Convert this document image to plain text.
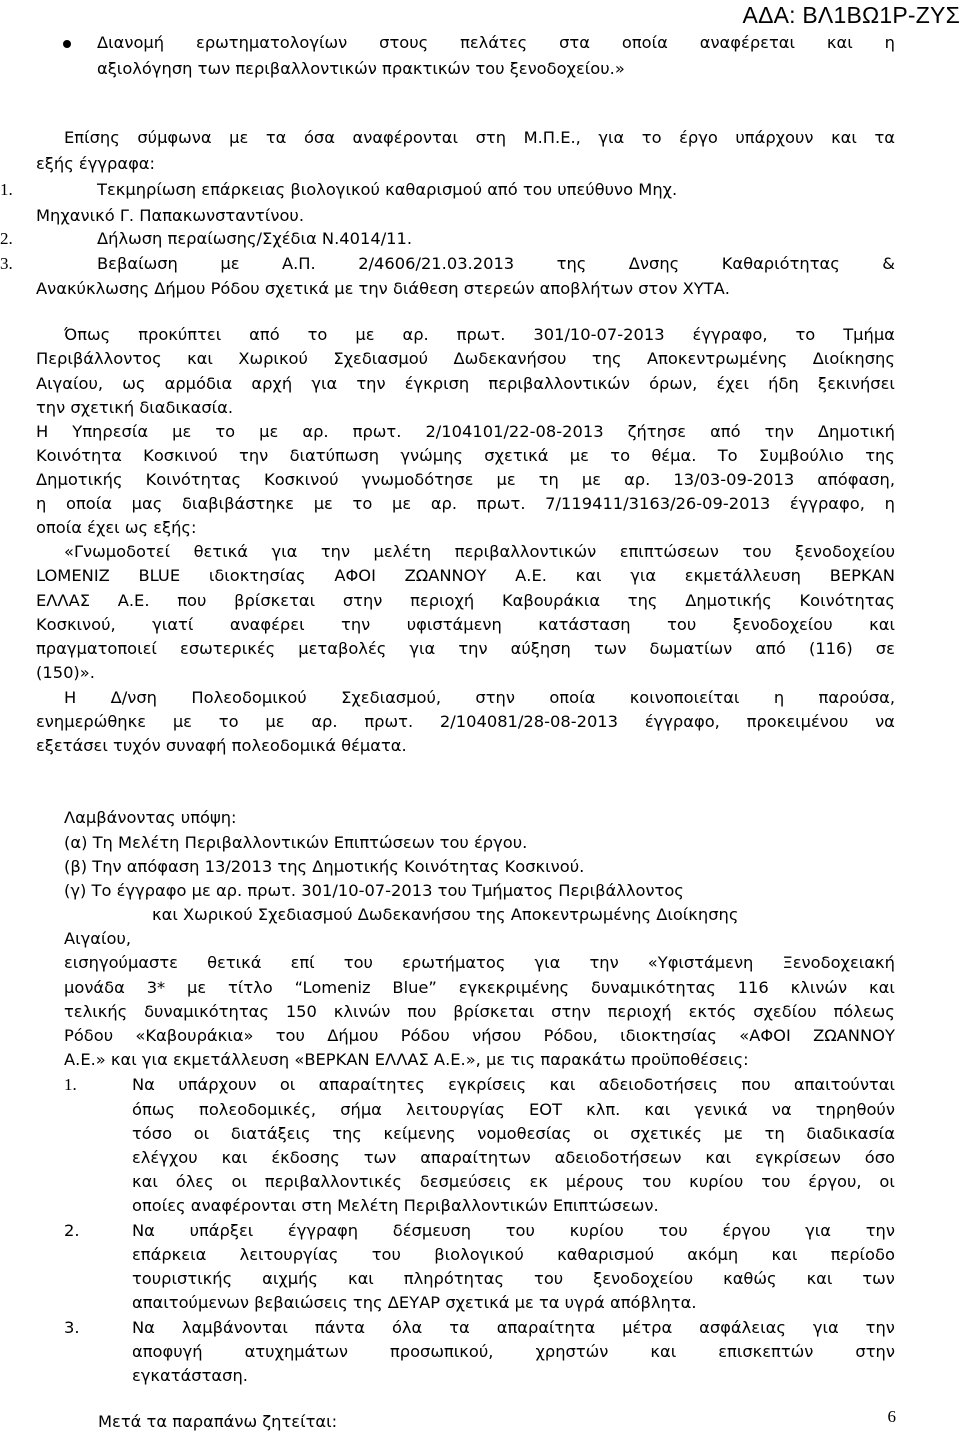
ΑΔΑ: ΒΛ1ΒΩ1Ρ-ΖΥΣ
Διανομή ερωτηματολογίων στους πελάτες στα οποία αναφέρεται και η
αξιολόγηση των περιβαλλοντικών πρακτικών του ξενοδοχείου.»
Επίσης σύμφωνα με τα όσα αναφέρονται στη Μ.Π.Ε., για το έργο υπάρχουν και τα
εξής έγγραφα:
1.	Τεκμηρίωση επάρκειας βιολογικού καθαρισμού από του υπεύθυνο Μηχ.
Μηχανικό Γ. Παπακωνσταντίνου.
2.	Δήλωση περαίωσης/Σχέδια Ν.4014/11.
3.	Βεβαίωση	με	Α.Π.	2/4606/21.03.2013	της	Δνσης	Καθαριότητας	&
Ανακύκλωσης Δήμου Ρόδου σχετικά με την διάθεση στερεών αποβλήτων στον ΧΥΤΑ.
Όπως προκύπτει από το με αρ. πρωτ. 301/10-07-2013 έγγραφο, το Τμήμα
Περιβάλλοντος και Χωρικού Σχεδιασμού Δωδεκανήσου της Αποκεντρωμένης Διοίκησης
Αιγαίου, ως αρμόδια αρχή για την έγκριση περιβαλλοντικών όρων, έχει ήδη ξεκινήσει
την σχετική διαδικασία.
Η Υπηρεσία με το με αρ. πρωτ. 2/104101/22-08-2013 ζήτησε από την Δημοτική
Κοινότητα Κοσκινού την διατύπωση γνώμης σχετικά με το θέμα. Το Συμβούλιο της
Δημοτικής Κοινότητας Κοσκινού γνωμοδότησε με τη με αρ. 13/03-09-2013 απόφαση,
η οποία μας διαβιβάστηκε με το με αρ. πρωτ. 7/119411/3163/26-09-2013 έγγραφο, η
οποία έχει ως εξής:
«Γνωμοδοτεί θετικά για την μελέτη περιβαλλοντικών επιπτώσεων του ξενοδοχείου
LOMENIZ BLUE ιδιοκτησίας ΑΦΟΙ ΖΩΑΝΝΟΥ Α.Ε. και για εκμετάλλευση ΒΕΡΚΑΝ
ΕΛΛΑΣ Α.Ε. που βρίσκεται στην περιοχή Καβουράκια της Δημοτικής Κοινότητας
Κοσκινού, γιατί αναφέρει την υφιστάμενη κατάσταση του ξενοδοχείου και
πραγματοποιεί εσωτερικές μεταβολές για την αύξηση των δωματίων από (116) σε
(150)».
Η Δ/νση Πολεοδομικού Σχεδιασμού, στην οποία κοινοποιείται η παρούσα,
ενημερώθηκε με το με αρ. πρωτ. 2/104081/28-08-2013 έγγραφο, προκειμένου να
εξετάσει τυχόν συναφή πολεοδομικά θέματα.
Λαμβάνοντας υπόψη:
(α) Τη Μελέτη Περιβαλλοντικών Επιπτώσεων του έργου.
(β) Την απόφαση 13/2013 της Δημοτικής Κοινότητας Κοσκινού.
(γ) Το έγγραφο με αρ. πρωτ. 301/10-07-2013 του Τμήματος Περιβάλλοντος
και Χωρικού Σχεδιασμού Δωδεκανήσου της Αποκεντρωμένης Διοίκησης
Αιγαίου,
εισηγούμαστε θετικά επί του ερωτήματος για την «Υφιστάμενη Ξενοδοχειακή
μονάδα 3* με τίτλο “Lomeniz Blue” εγκεκριμένης δυναμικότητας 116 κλινών και
τελικής δυναμικότητας 150 κλινών που βρίσκεται στην περιοχή εκτός σχεδίου πόλεως
Ρόδου «Καβουράκια» του Δήμου Ρόδου νήσου Ρόδου, ιδιοκτησίας «ΑΦΟΙ ΖΩΑΝΝΟΥ
Α.Ε.» και για εκμετάλλευση «ΒΕΡΚΑΝ ΕΛΛΑΣ Α.Ε.», με τις παρακάτω προϋποθέσεις:
1.	Να υπάρχουν οι απαραίτητες εγκρίσεις και αδειοδοτήσεις που απαιτούνται
όπως πολεοδομικές, σήμα λειτουργίας ΕΟΤ κλπ. και γενικά να τηρηθούν
τόσο οι διατάξεις της κείμενης νομοθεσίας οι σχετικές με τη διαδικασία
ελέγχου και έκδοσης των απαραίτητων αδειοδοτήσεων και εγκρίσεων όσο
και όλες οι περιβαλλοντικές δεσμεύσεις εκ μέρους του κυρίου του έργου, οι
οποίες αναφέρονται στη Μελέτη Περιβαλλοντικών Επιπτώσεων.
2.	Να υπάρξει έγγραφη δέσμευση του κυρίου του έργου για την
επάρκεια λειτουργίας του βιολογικού καθαρισμού ακόμη και περίοδο
τουριστικής αιχμής και πληρότητας του ξενοδοχείου καθώς και των
απαιτούμενων βεβαιώσεις της ΔΕΥΑΡ σχετικά με τα υγρά απόβλητα.
3.	Να λαμβάνονται πάντα όλα τα απαραίτητα μέτρα ασφάλειας για την
αποφυγή	ατυχημάτων	προσωπικού,	χρηστών	και	επισκεπτών	στην
εγκατάσταση.
Μετά τα παραπάνω ζητείται:	6
